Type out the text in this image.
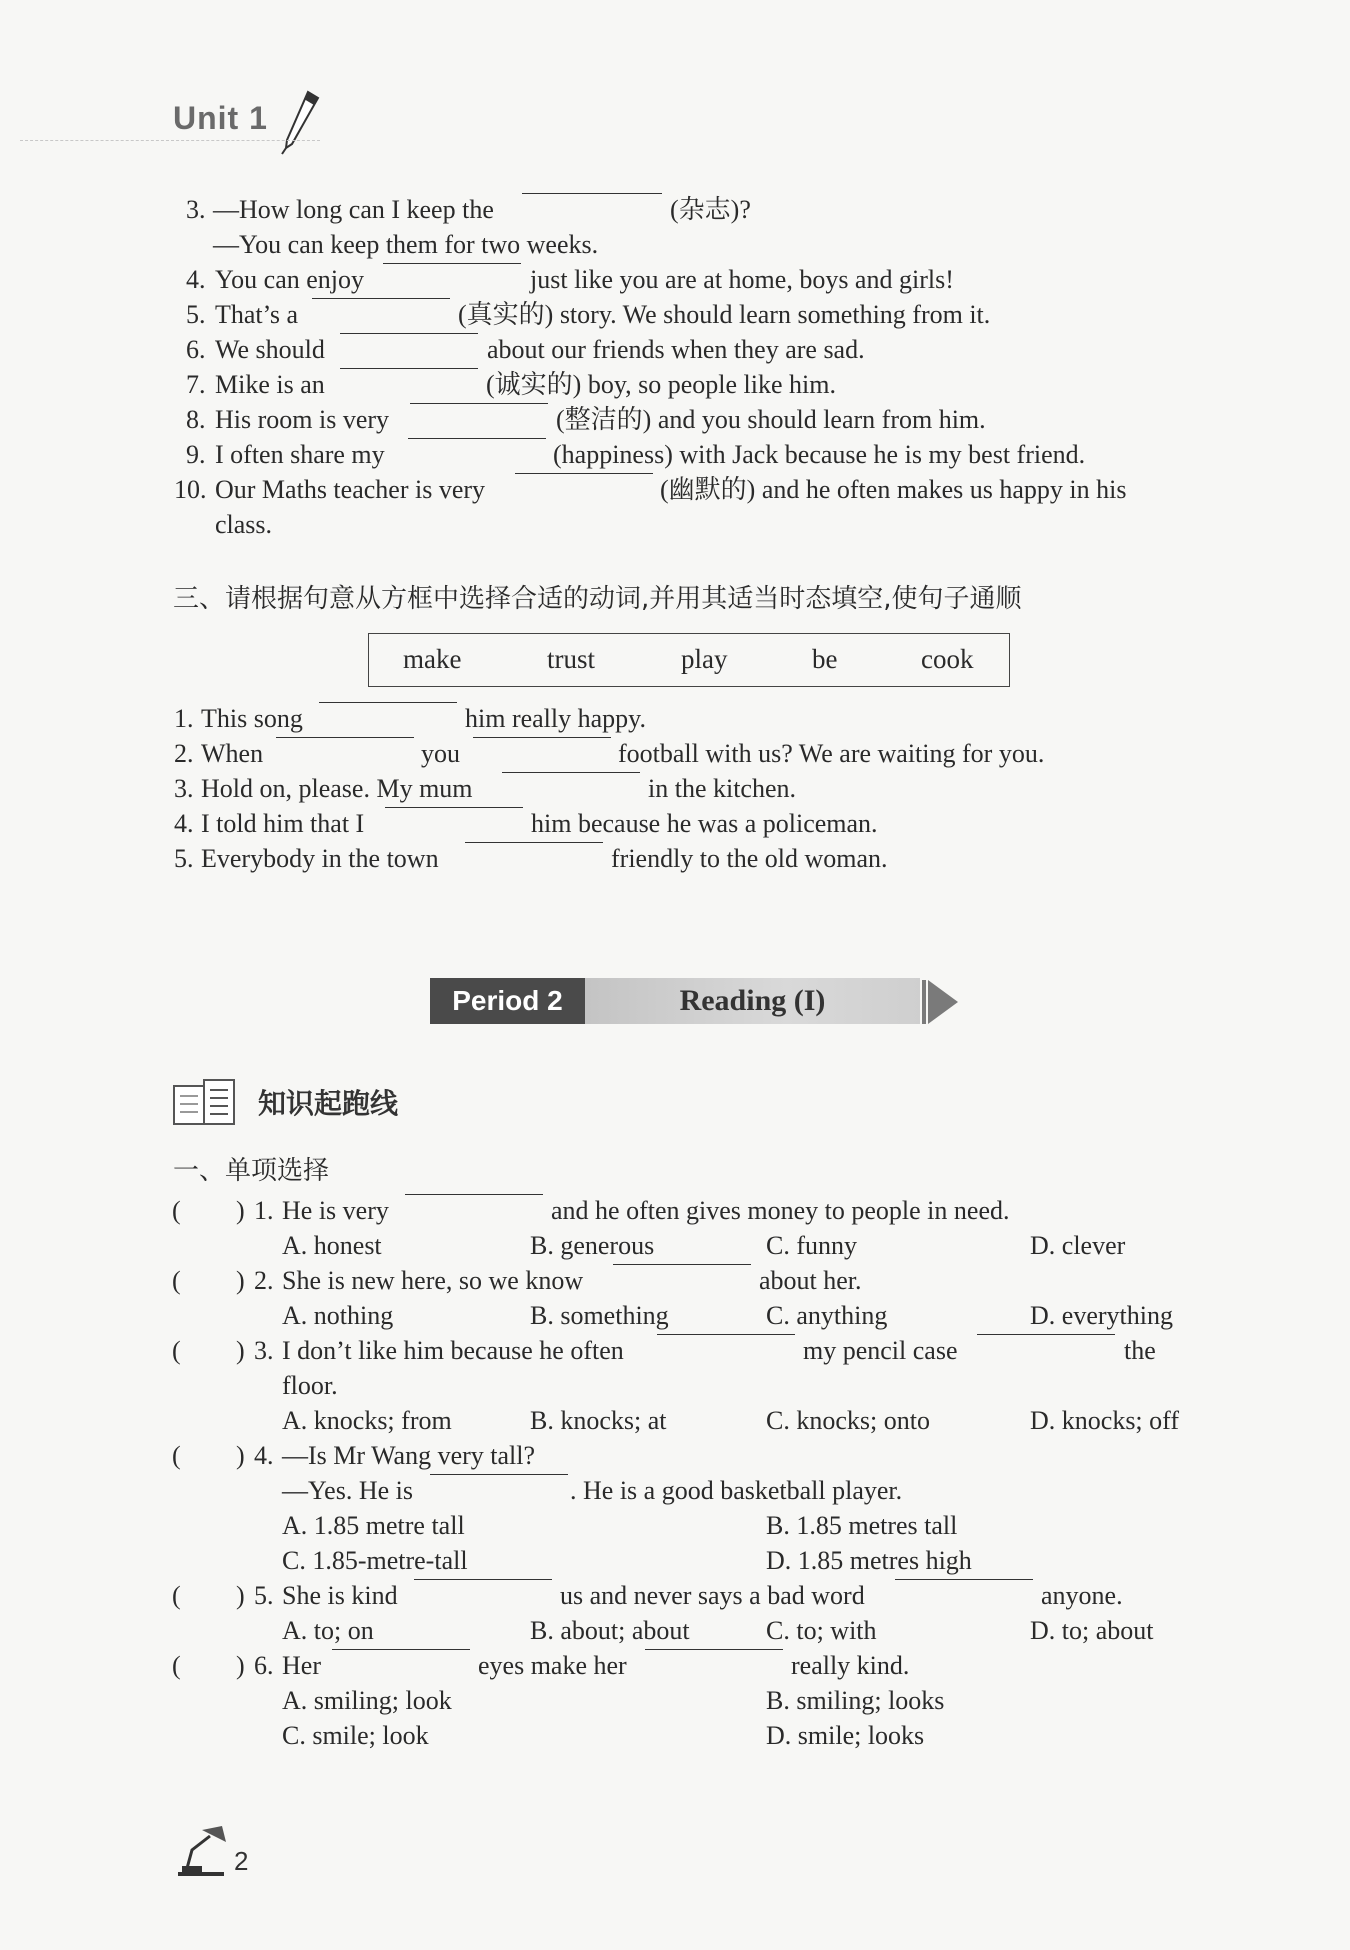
Unit 1
3. —How long can I keep the	(杂志)?
—You can keep them for two weeks.
4. You can enjoy	just like you are at home, boys and girls!
5. That’s a	(真实的) story. We should learn something from it.
6. We should	about our friends when they are sad.
7. Mike is an	(诚实的) boy, so people like him.
8. His room is very	(整洁的) and you should learn from him.
9. I often share my	(happiness) with Jack because he is my best friend.
10. Our Maths teacher is very	(幽默的) and he often makes us happy in his
class.
三、请根据句意从方框中选择合适的动词,并用其适当时态填空,使句子通顺
make	trust	play	be	cook
1. This song	him really happy.
2. When	you	football with us? We are waiting for you.
3. Hold on, please. My mum	in the kitchen.
4. I told him that I	him because he was a policeman.
5. Everybody in the town	friendly to the old woman.
Period 2	Reading (I)
知识起跑线
一、单项选择
( ) 1. He is very	and he often gives money to people in need.
A. honest	B. generous	C. funny	D. clever
( ) 2. She is new here, so we know	about her.
A. nothing	B. something	C. anything	D. everything
( ) 3. I don’t like him because he often	my pencil case	the
floor.
A. knocks; from	B. knocks; at	C. knocks; onto	D. knocks; off
( ) 4. —Is Mr Wang very tall?
—Yes. He is	. He is a good basketball player.
A. 1.85 metre tall	B. 1.85 metres tall
C. 1.85-metre-tall	D. 1.85 metres high
( ) 5. She is kind	us and never says a bad word	anyone.
A. to; on	B. about; about	C. to; with	D. to; about
( ) 6. Her	eyes make her	really kind.
A. smiling; look	B. smiling; looks
C. smile; look	D. smile; looks
2
